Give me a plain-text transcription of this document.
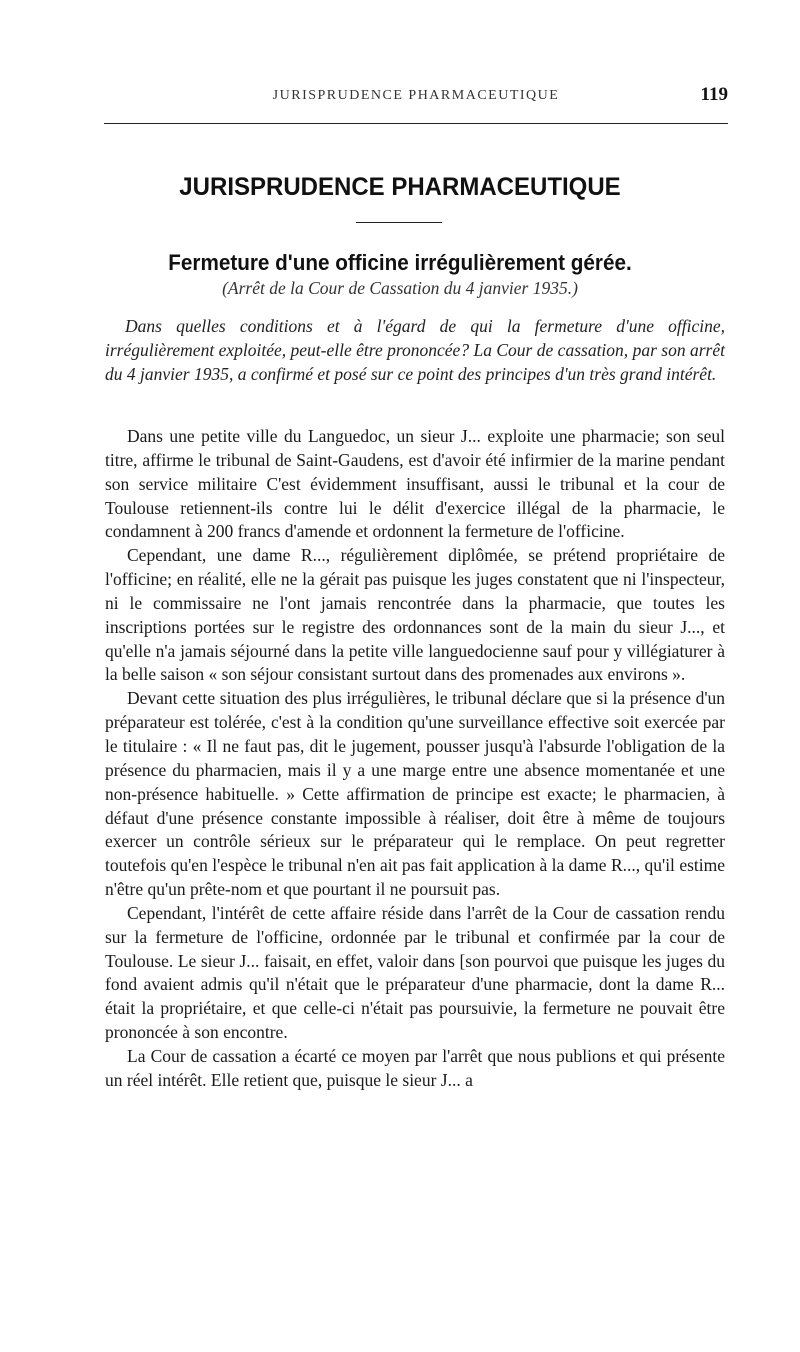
JURISPRUDENCE PHARMACEUTIQUE	119
JURISPRUDENCE PHARMACEUTIQUE
Fermeture d'une officine irrégulièrement gérée.
(Arrêt de la Cour de Cassation du 4 janvier 1935.)

Dans quelles conditions et à l'égard de qui la fermeture d'une officine, irrégulièrement exploitée, peut-elle être prononcée? La Cour de cassation, par son arrêt du 4 janvier 1935, a confirmé et posé sur ce point des principes d'un très grand intérêt.

Dans une petite ville du Languedoc, un sieur J... exploite une pharmacie; son seul titre, affirme le tribunal de Saint-Gaudens, est d'avoir été infirmier de la marine pendant son service militaire C'est évidemment insuffisant, aussi le tribunal et la cour de Toulouse retiennent-ils contre lui le délit d'exercice illégal de la pharmacie, le condamnent à 200 francs d'amende et ordonnent la fermeture de l'officine.

Cependant, une dame R..., régulièrement diplômée, se prétend propriétaire de l'officine; en réalité, elle ne la gérait pas puisque les juges constatent que ni l'inspecteur, ni le commissaire ne l'ont jamais rencontrée dans la pharmacie, que toutes les inscriptions portées sur le registre des ordonnances sont de la main du sieur J..., et qu'elle n'a jamais séjourné dans la petite ville languedocienne sauf pour y villégiaturer à la belle saison « son séjour consistant surtout dans des promenades aux environs ».

Devant cette situation des plus irrégulières, le tribunal déclare que si la présence d'un préparateur est tolérée, c'est à la condition qu'une surveillance effective soit exercée par le titulaire : « Il ne faut pas, dit le jugement, pousser jusqu'à l'absurde l'obligation de la présence du pharmacien, mais il y a une marge entre une absence momentanée et une non-présence habituelle. » Cette affirmation de principe est exacte; le pharmacien, à défaut d'une présence constante impossible à réaliser, doit être à même de toujours exercer un contrôle sérieux sur le préparateur qui le remplace. On peut regretter toutefois qu'en l'espèce le tribunal n'en ait pas fait application à la dame R..., qu'il estime n'être qu'un prête-nom et que pourtant il ne poursuit pas.

Cependant, l'intérêt de cette affaire réside dans l'arrêt de la Cour de cassation rendu sur la fermeture de l'officine, ordonnée par le tribunal et confirmée par la cour de Toulouse. Le sieur J... faisait, en effet, valoir dans [son pourvoi que puisque les juges du fond avaient admis qu'il n'était que le préparateur d'une pharmacie, dont la dame R... était la propriétaire, et que celle-ci n'était pas poursuivie, la fermeture ne pouvait être prononcée à son encontre.

La Cour de cassation a écarté ce moyen par l'arrêt que nous publions et qui présente un réel intérêt. Elle retient que, puisque le sieur J... a
